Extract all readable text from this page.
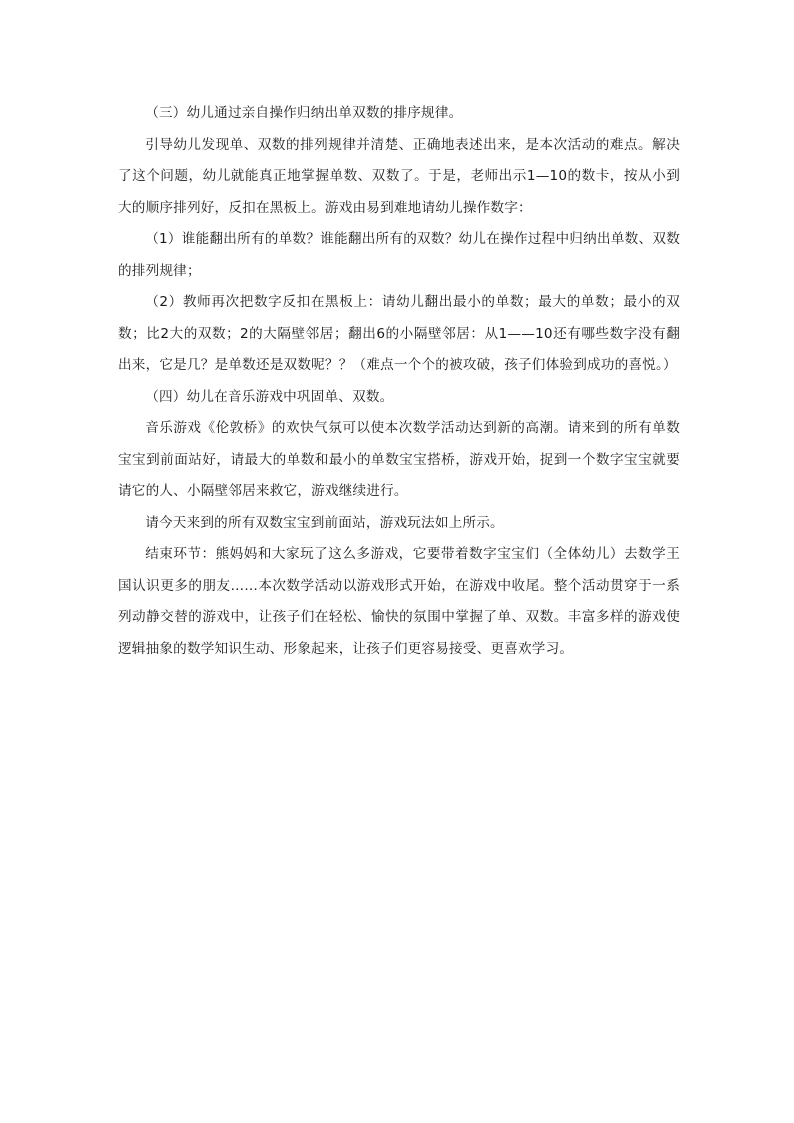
（三）幼儿通过亲自操作归纳出单双数的排序规律。

引导幼儿发现单、双数的排列规律并清楚、正确地表述出来，是本次活动的难点。解决了这个问题，幼儿就能真正地掌握单数、双数了。于是，老师出示1—10的数卡，按从小到大的顺序排列好，反扣在黑板上。游戏由易到难地请幼儿操作数字：

（1）谁能翻出所有的单数？谁能翻出所有的双数？幼儿在操作过程中归纳出单数、双数的排列规律；

（2）教师再次把数字反扣在黑板上：请幼儿翻出最小的单数；最大的单数；最小的双数；比2大的双数；2的大隔壁邻居；翻出6的小隔壁邻居：从1——10还有哪些数字没有翻出来，它是几？是单数还是双数呢？？（难点一个个的被攻破，孩子们体验到成功的喜悦。）

（四）幼儿在音乐游戏中巩固单、双数。

音乐游戏《伦敦桥》的欢快气氛可以使本次数学活动达到新的高潮。请来到的所有单数宝宝到前面站好，请最大的单数和最小的单数宝宝搭桥，游戏开始，捉到一个数字宝宝就要请它的人、小隔壁邻居来救它，游戏继续进行。

请今天来到的所有双数宝宝到前面站，游戏玩法如上所示。

结束环节：熊妈妈和大家玩了这么多游戏，它要带着数字宝宝们（全体幼儿）去数学王国认识更多的朋友……本次数学活动以游戏形式开始，在游戏中收尾。整个活动贯穿于一系列动静交替的游戏中，让孩子们在轻松、愉快的氛围中掌握了单、双数。丰富多样的游戏使逻辑抽象的数学知识生动、形象起来，让孩子们更容易接受、更喜欢学习。
